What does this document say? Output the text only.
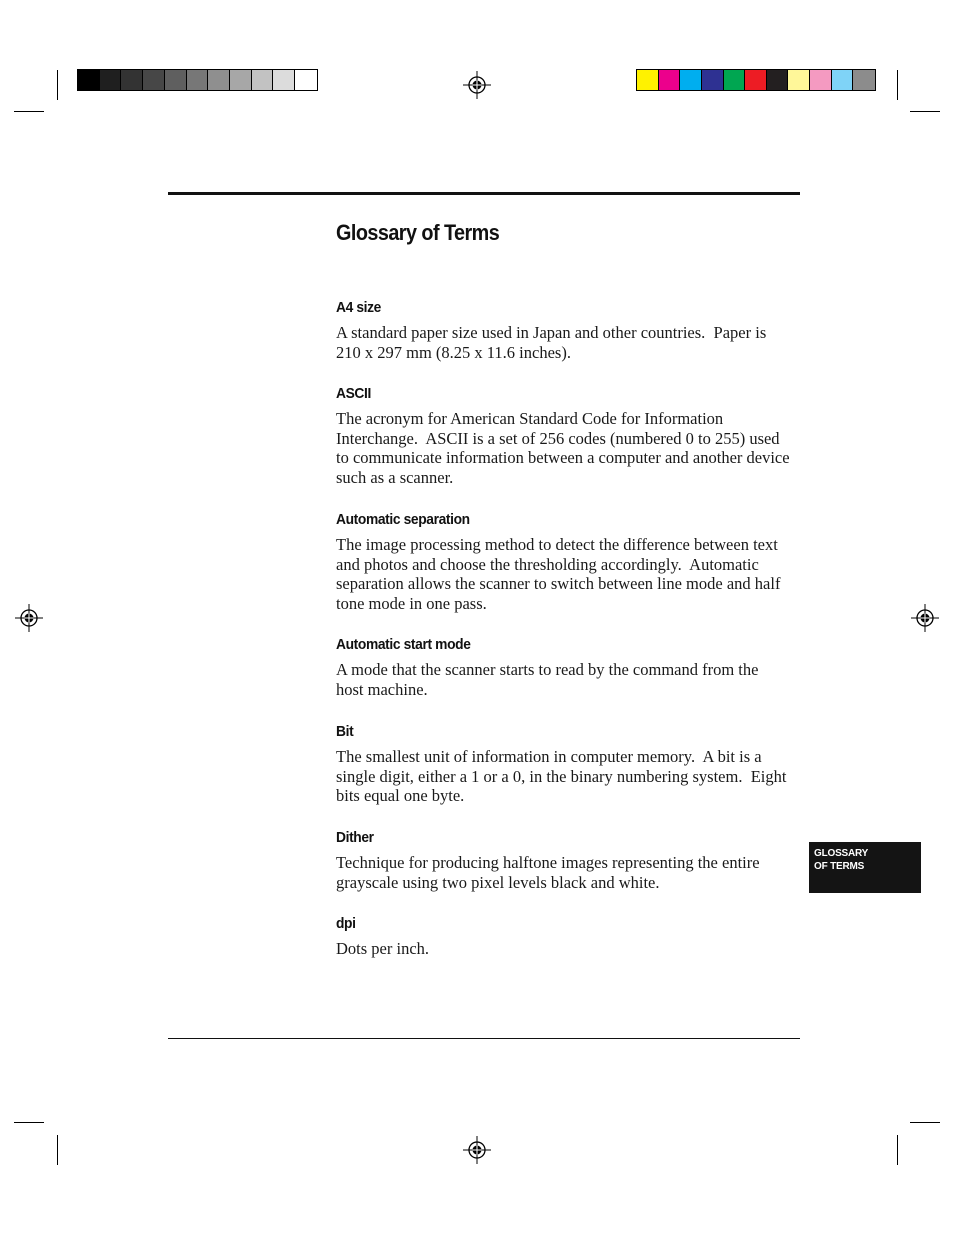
Glossary of Terms
A4 size
A standard paper size used in Japan and other countries.  Paper is
210 x 297 mm (8.25 x 11.6 inches).
ASCII
The acronym for American Standard Code for Information
Interchange.  ASCII is a set of 256 codes (numbered 0 to 255) used
to communicate information between a computer and another device
such as a scanner.
Automatic separation
The image processing method to detect the difference between text
and photos and choose the thresholding accordingly.  Automatic
separation allows the scanner to switch between line mode and half
tone mode in one pass.
Automatic start mode
A mode that the scanner starts to read by the command from the
host machine.
Bit
The smallest unit of information in computer memory.  A bit is a
single digit, either a 1 or a 0, in the binary numbering system.  Eight
bits equal one byte.
Dither
Technique for producing halftone images representing the entire
grayscale using two pixel levels black and white.
dpi
Dots per inch.
GLOSSARY OF TERMS
